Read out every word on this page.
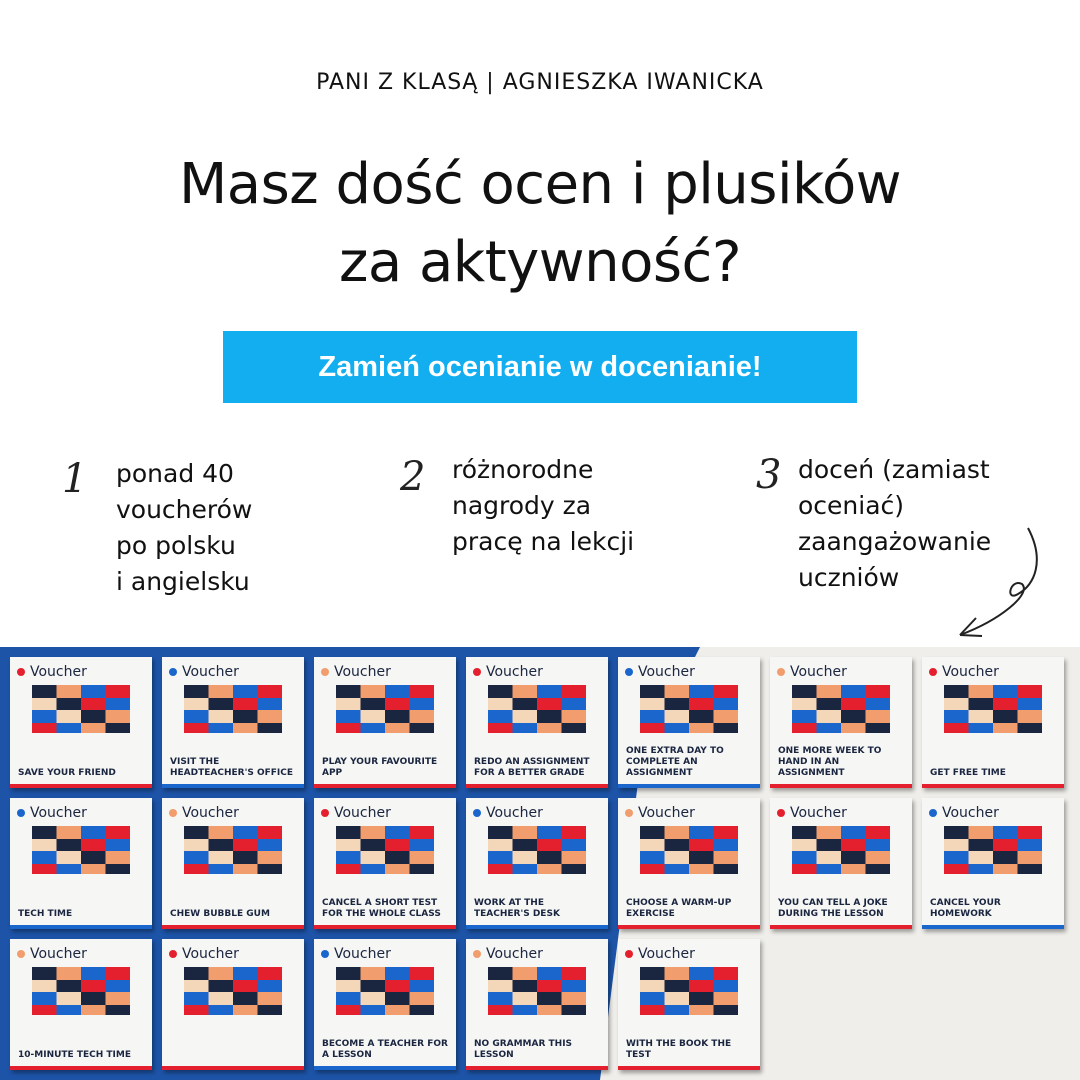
PANI Z KLASĄ | AGNIESZKA IWANICKA
Masz dość ocen i plusików
za aktywność?
Zamień ocenianie w docenianie!
1 ponad 40
voucherów
po polsku
i angielsku
2 różnorodne
nagrody za
pracę na lekcji
3 doceń (zamiast
oceniać)
zaangażowanie
uczniów
Voucher
SAVE YOUR FRIEND
Voucher
VISIT THE HEADTEACHER'S OFFICE
Voucher
PLAY YOUR FAVOURITE APP
Voucher
REDO AN ASSIGNMENT FOR A BETTER GRADE
Voucher
ONE EXTRA DAY TO COMPLETE AN ASSIGNMENT
Voucher
ONE MORE WEEK TO HAND IN AN ASSIGNMENT
Voucher
GET FREE TIME
Voucher
TECH TIME
Voucher
CHEW BUBBLE GUM
Voucher
CANCEL A SHORT TEST FOR THE WHOLE CLASS
Voucher
WORK AT THE TEACHER'S DESK
Voucher
CHOOSE A WARM-UP EXERCISE
Voucher
YOU CAN TELL A JOKE DURING THE LESSON
Voucher
CANCEL YOUR HOMEWORK
Voucher
10-MINUTE TECH TIME
Voucher	Voucher
BECOME A TEACHER FOR A LESSON
Voucher
NO GRAMMAR THIS LESSON
Voucher
WITH THE BOOK THE TEST
